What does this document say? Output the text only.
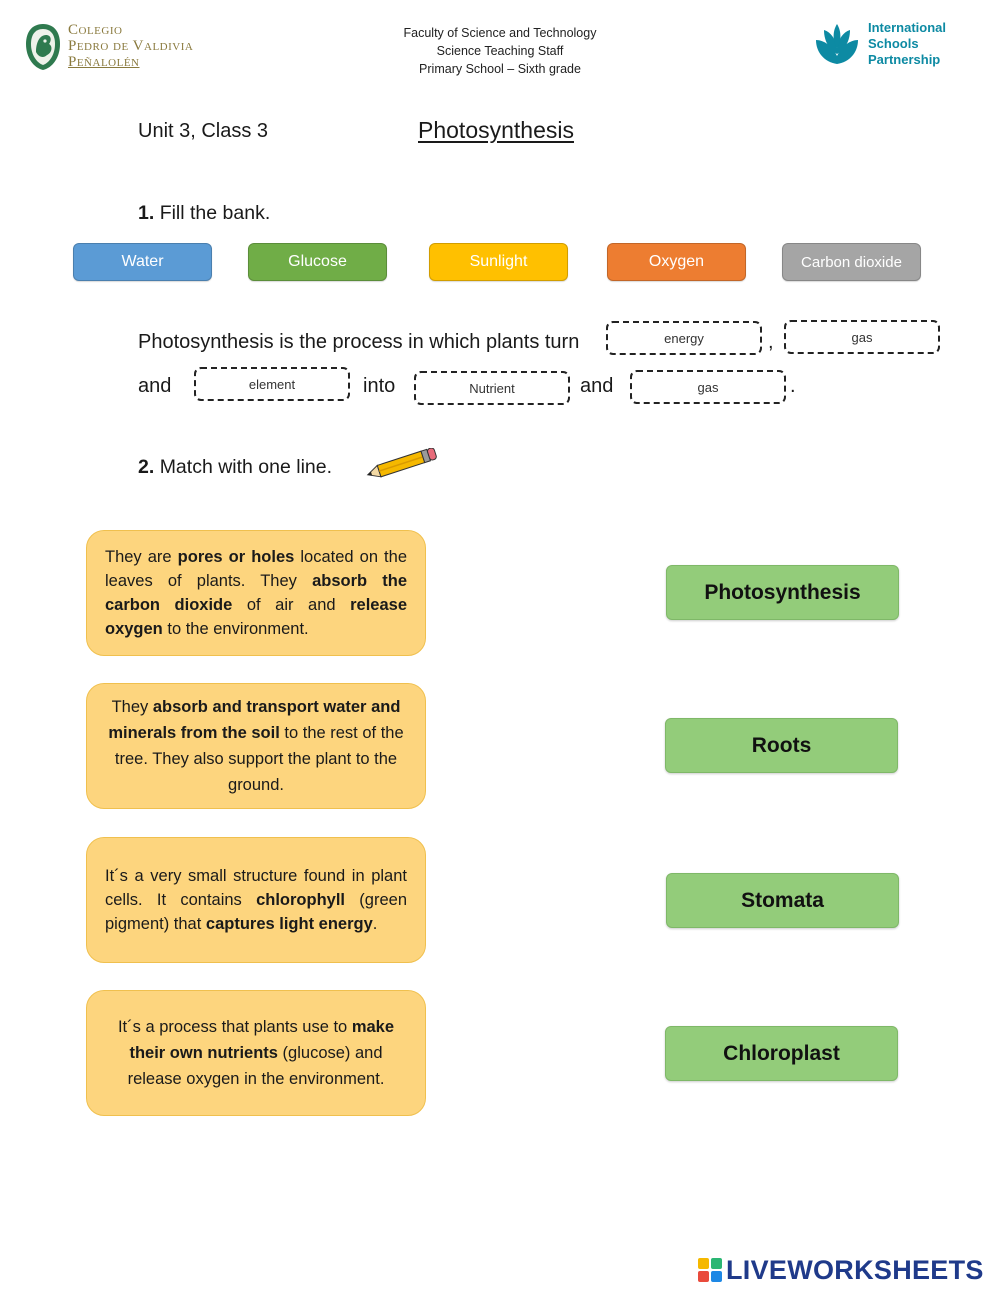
Colegio
Pedro de Valdivia
Peñalolén
Faculty of Science and Technology
Science Teaching Staff
Primary School – Sixth grade
International
Schools
Partnership
Unit 3, Class 3	Photosynthesis
1. Fill the bank.
Water	Glucose	Sunlight	Oxygen	Carbon dioxide
Photosynthesis is the process in which plants turn	energy	,	gas
and	element	into	Nutrient	and	gas	.
2. Match with one line.
They are pores or holes located on the leaves of plants. They absorb the carbon dioxide of air and release oxygen to the environment.
They absorb and transport water and minerals from the soil to the rest of the tree. They also support the plant to the ground.
It´s a very small structure found in plant cells. It contains chlorophyll (green pigment) that captures light energy.
It´s a process that plants use to make their own nutrients (glucose) and release oxygen in the environment.
Photosynthesis
Roots
Stomata
Chloroplast
LIVEWORKSHEETS
